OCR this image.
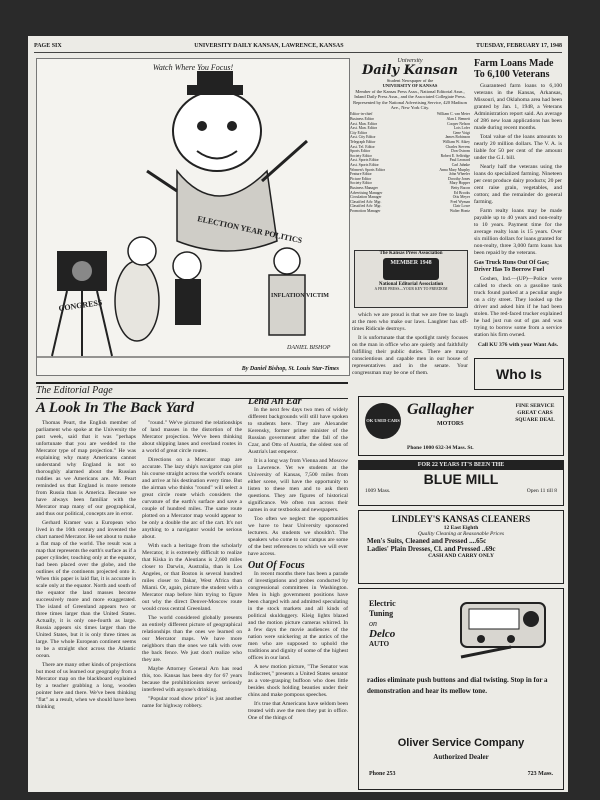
PAGE SIX	UNIVERSITY DAILY KANSAN, LAWRENCE, KANSAS	TUESDAY, FEBRUARY 17, 1948
Watch Where You Focus!
ELECTION YEAR POLITICS
CONGRESS
INFLATION VICTIM
DANIEL BISHOP
By Daniel Bishop, St. Louis Star-Times
University
Daily Kansan
Student Newspaper of the
UNIVERSITY OF KANSAS
Member of the Kansas Press Assn., National Editorial Assn., Inland Daily Press Assn., and the Associated Collegiate Press. Represented by the National Advertising Service, 420 Madison Ave., New York City.
Editor-in-chief	William C. van Meter
Business Editor	Alan J. Bennett
Asst. Man. Editor	Cooper Nelson
Asst. Man. Editor	Lois Lofer
City Editor	Gene Voigt
Asst. City Editor	James Robinson
Telegraph Editor	William W. Aikey
Asst. Tel. Editor	Charles Stevens
Sports Editor	Don Ostrom
Society Editor	Robert E. Selfridge
Asst. Sports Editor	Paul Leonard
Asst. Sports Editor	Carl Juhnke
Women's Sports Editor	Anna Mary Murphy
Feature Editor	John Wheeler
Picture Editor	Dorothy Jones
Society Editor	Mary Hopper
Business Manager	Betty Bacon
Advertising Manager	Ed Brooks
Circulation Manager	Otis Meyer
Classified Adv. Mgr.	Fred Wyman
Classified Adv. Mgr.	Clair Lowe
Promotion Manager	Walter Hontz
The Kansas Press Association
MEMBER 1948
National Editorial Association
A FREE PRESS—YOUR KEY TO FREEDOM

which we are proud is that we are free to laugh at the men who make our laws. Laughter has off-times Ridicule destroys.

It is unfortunate that the spotlight rarely focuses on the man in office who are quietly and faithfully fulfilling their public duties. There are many conscientious and capable men in our house of representatives and in the senate. Your congressman may be one of them.

Farm Loans Made To 6,100 Veterans

Guaranteed farm loans to 6,100 veterans in the Kansas, Arkansas, Missouri, and Oklahoma area had been granted by Jan. 1, 1948, a Veterans Administration report said. An average of 286 new loan applications has been made during recent months.

Total value of the loans amounts to nearly 20 million dollars. The V. A. is liable for 50 per cent of the amount under the G.I. bill.

Nearly half the veterans using the loans do specialized farming. Nineteen per cent produce dairy products; 20 per cent raise grain, vegetables, and cotton; and the remainder do general farming.

Farm realty loans may be made payable up to 40 years and non-realty to 10 years. Payment time for the average realty loan is 15 years. Over six million dollars for loans granted for non-realty, three 3,000 farm loans has been repaid by the veterans.

Gas Truck Runs Out Of Gas; Driver Has To Borrow Fuel

Goshen, Ind.—(UP)—Police were called to check on a gasoline tank truck found parked at a peculiar angle on a city street. They looked up the driver and asked him if he had been stolen. The red-faced trucker explained he had just run out of gas and was trying to borrow some from a service station his firm owned.

Call KU 376 with your Want Ads.
The Editorial Page
A Look In The Back Yard

Thomas Peart, the English member of parliament who spoke at the University the past week, said that it was "perhaps unfortunate that you are wedded to the Mercator type of map projection." He was explaining why many Americans cannot understand why England is not so thoroughly alarmed about the Russian ruddies as we Americans are. Mr. Peart reminded us that England is more remote from Russia than is America. Because we have always been familiar with the Mercator map many of our geographical, and thus our political, concepts are in error.

Gerhard Kramer was a European who lived in the 16th century and invented the chart named Mercator. He set about to make a flat map of the world. The result was a map that represents the earth's surface as if a paper cylinder, touching only at the equator, had been placed over the globe, and the outlines of the continents projected onto it. When this paper is laid flat, it is accurate in scale only at the equator. North and south of the equator the land masses become successively more and more exaggerated. The island of Greenland appears two or three times larger than the United States. Actually, it is only one-fourth as large. Russia appears six times larger than the United States, but it is only three times as large. The whole European continent seems to be a straight shot across the Atlantic ocean.

There are many other kinds of projections but most of us learned our geography from a Mercator map on the blackboard explained by a teacher grabbing a long, wooden pointer here and there. We've been thinking "flat" as a result, when we should have been thinking

"round." We've pictured the relationships of land masses in the distortion of the Mercator projection. We've been thinking about shipping lanes and overland routes in a world of great circle routes.

Directions on a Mercator map are accurate. The lazy ship's navigator can plot his course straight across the world's oceans and arrive at his destination every time. But the airman who thinks "round" will select a great circle route which considers the curvature of the earth's surface and save a couple of hundred miles. The same route plotted on a Mercator map would appear to be only a double the arc of the cart. It's not anything to a navigator would be serious about.

With such a heritage from the scholarly Mercator, it is extremely difficult to realize that Kiska in the Aleutians is 2,600 miles closer to Darwin, Australia, than is Los Angeles, or that Boston is several hundred miles closer to Dakar, West Africa than Miami. Or, again, picture the student with a Mercator map before him trying to figure out why the direct Denver-Moscow route would cross central Greenland.

The world considered globally presents an entirely different picture of geographical relationships than the ones we learned on our Mercator maps. We have more neighbors than the ones we talk with over the back fence. We just don't realize who they are.

Maybe Attorney General Arn has read this, too. Kansas has been dry for 67 years because the prohibitionists never seriously interfered with anyone's drinking.

"Popular road show price" is just another name for highway robbery.

Lend An Ear

In the next few days two men of widely different backgrounds will still have spoken to students here. They are Alexander Kerensky, former prime minister of the Russian government after the fall of the Czar, and Otto of Austria, the oldest son of Austria's last emperor.

It is a long way from Vienna and Moscow to Lawrence. Yet we students at the University of Kansas, 7,500 miles from either scene, will have the opportunity to listen to these men and to ask them questions. They are figures of historical significance. We often run across their names in our textbooks and newspapers.

Too often we neglect the opportunities we have to hear University sponsored lecturers. As students we shouldn't. The speakers who come to our campus are some of the best references to which we will ever have access.

Out Of Focus

In recent months there has been a parade of investigations and probes conducted by congressional committees in Washington. Men in high government positions have been charged with and admitted speculating in the stock markets and all kinds of political skulduggery. Kleig lights blazed and the motion picture cameras whirred. In a few days the movie audiences of the nation were snickering at the antics of the men who are supposed to uphold the traditions and dignity of some of the highest offices in our land.

A new motion picture, "The Senator was Indiscreet," presents a United States senator as a vote-grasping buffoon who does little besides shock holding beauties under their chins and make pompous speeches.

It's true that Americans have seldom been treated with awe the men they put in office. One of the things of

Who Is
OK USED CARS
Gallagher
MOTORS
FINE SERVICE GREAT CARS SQUARE DEAL
Phone 1000 632-34 Mass. St.
FOR 22 YEARS IT'S BEEN THE
BLUE MILL
1009 Mass.	Open 11 till 8
LINDLEY'S KANSAS CLEANERS
12 East Eighth
Quality Cleaning at Reasonable Prices
Men's Suits, Cleaned and Pressed ....65c
Ladies' Plain Dresses, Cl. and Pressed ..69c
CASH AND CARRY ONLY
Electric
Tuning
on
Delco
AUTO
radios eliminate push buttons and dial twisting. Stop in for a demonstration and hear its mellow tone.
Oliver Service Company
Authorized Dealer
Phone 253	723 Mass.
